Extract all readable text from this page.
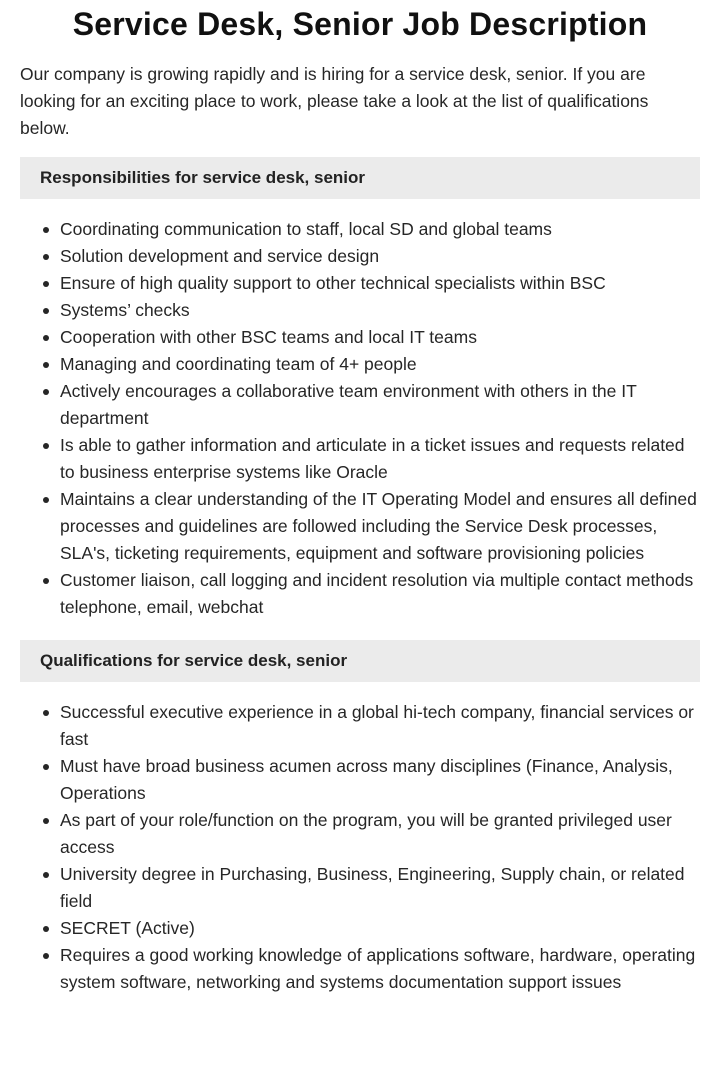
Service Desk, Senior Job Description

Our company is growing rapidly and is hiring for a service desk, senior. If you are looking for an exciting place to work, please take a look at the list of qualifications below.

Responsibilities for service desk, senior
Coordinating communication to staff, local SD and global teams
Solution development and service design
Ensure of high quality support to other technical specialists within BSC
Systems’ checks
Cooperation with other BSC teams and local IT teams
Managing and coordinating team of 4+ people
Actively encourages a collaborative team environment with others in the IT department
Is able to gather information and articulate in a ticket issues and requests related to business enterprise systems like Oracle
Maintains a clear understanding of the IT Operating Model and ensures all defined processes and guidelines are followed including the Service Desk processes, SLA's, ticketing requirements, equipment and software provisioning policies
Customer liaison, call logging and incident resolution via multiple contact methods telephone, email, webchat
Qualifications for service desk, senior
Successful executive experience in a global hi-tech company, financial services or fast
Must have broad business acumen across many disciplines (Finance, Analysis, Operations
As part of your role/function on the program, you will be granted privileged user access
University degree in Purchasing, Business, Engineering, Supply chain, or related field
SECRET (Active)
Requires a good working knowledge of applications software, hardware, operating system software, networking and systems documentation support issues
